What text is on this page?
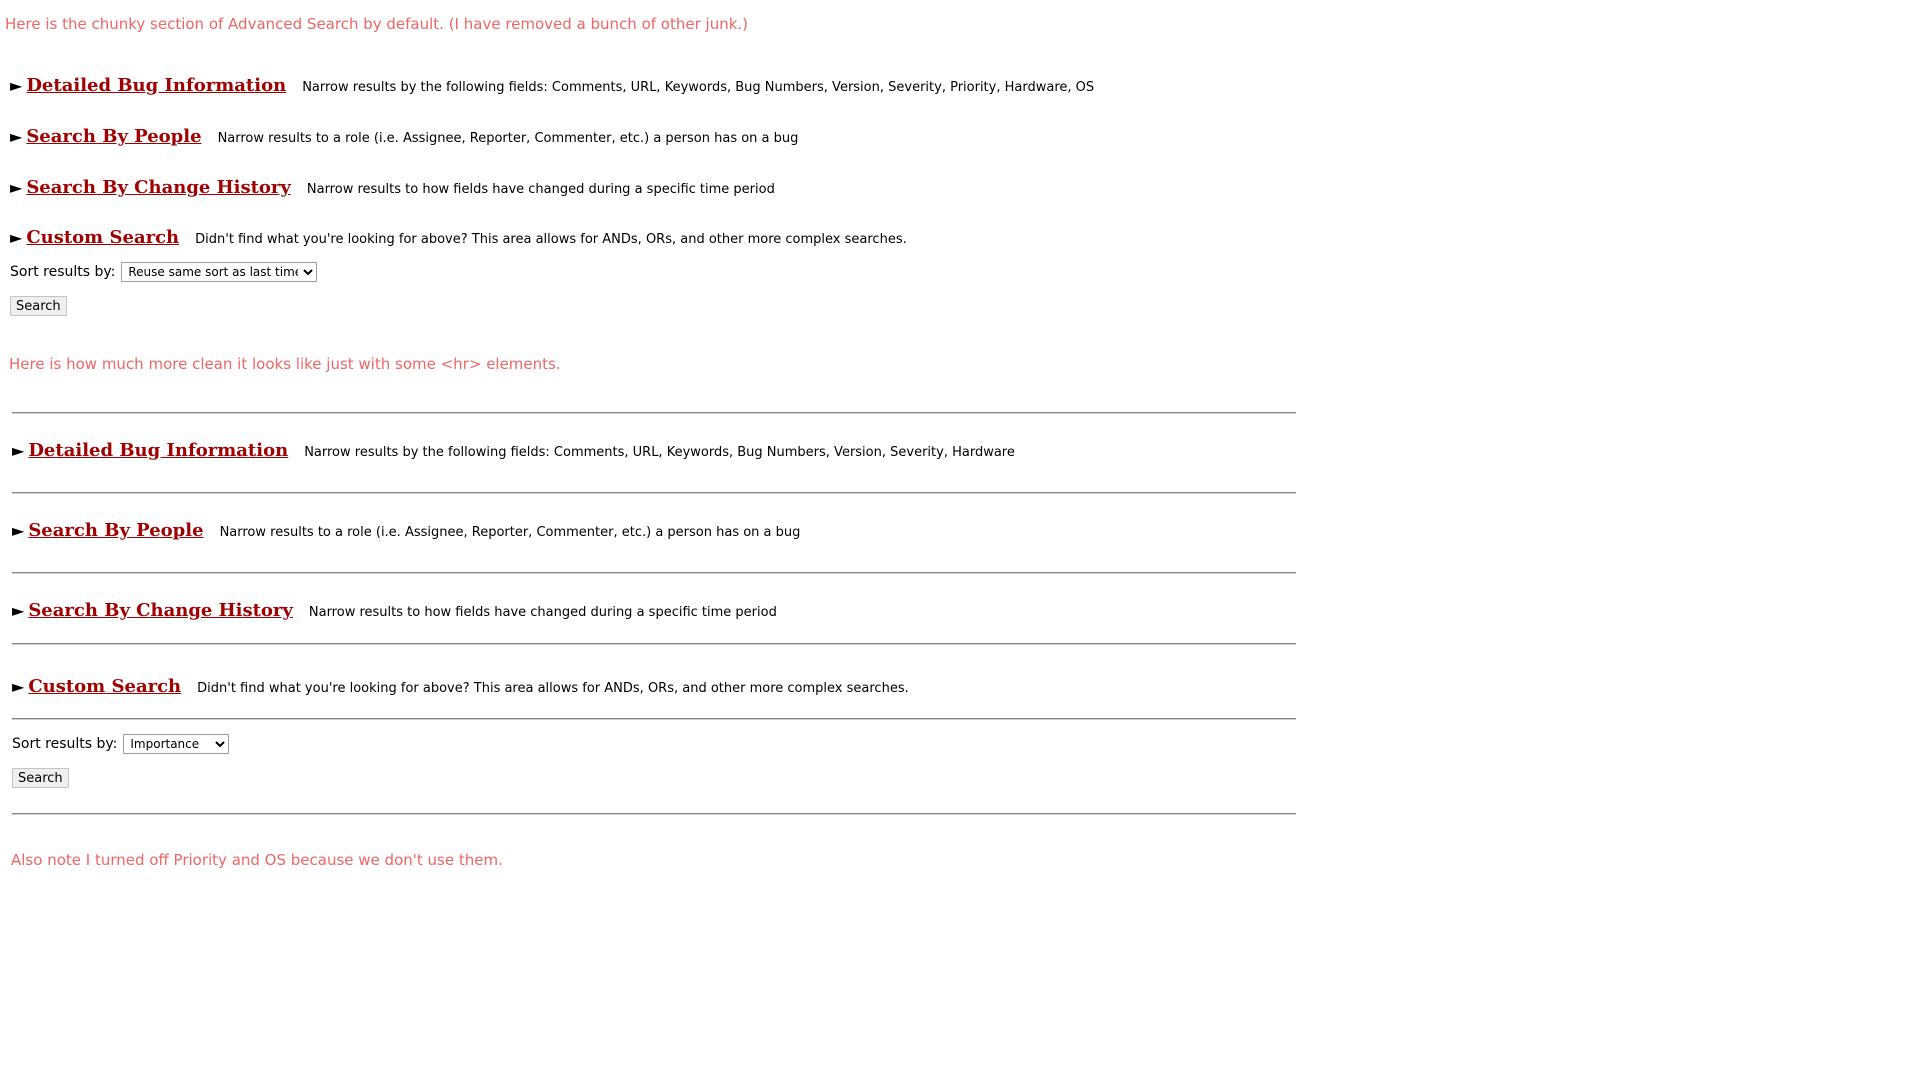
Here is the chunky section of Advanced Search by default. (I have removed a bunch of other junk.)
► Detailed Bug Information Narrow results by the following fields: Comments, URL, Keywords, Bug Numbers, Version, Severity, Priority, Hardware, OS
► Search By People Narrow results to a role (i.e. Assignee, Reporter, Commenter, etc.) a person has on a bug
► Search By Change History Narrow results to how fields have changed during a specific time period
► Custom Search Didn't find what you're looking for above? This area allows for ANDs, ORs, and other more complex searches.
Sort results by:
Reuse same sort as last time
Search
Here is how much more clean it looks like just with some <hr> elements.
► Detailed Bug Information Narrow results by the following fields: Comments, URL, Keywords, Bug Numbers, Version, Severity, Hardware
► Search By People Narrow results to a role (i.e. Assignee, Reporter, Commenter, etc.) a person has on a bug
► Search By Change History Narrow results to how fields have changed during a specific time period
► Custom Search Didn't find what you're looking for above? This area allows for ANDs, ORs, and other more complex searches.
Sort results by:
Importance
Search
Also note I turned off Priority and OS because we don't use them.
